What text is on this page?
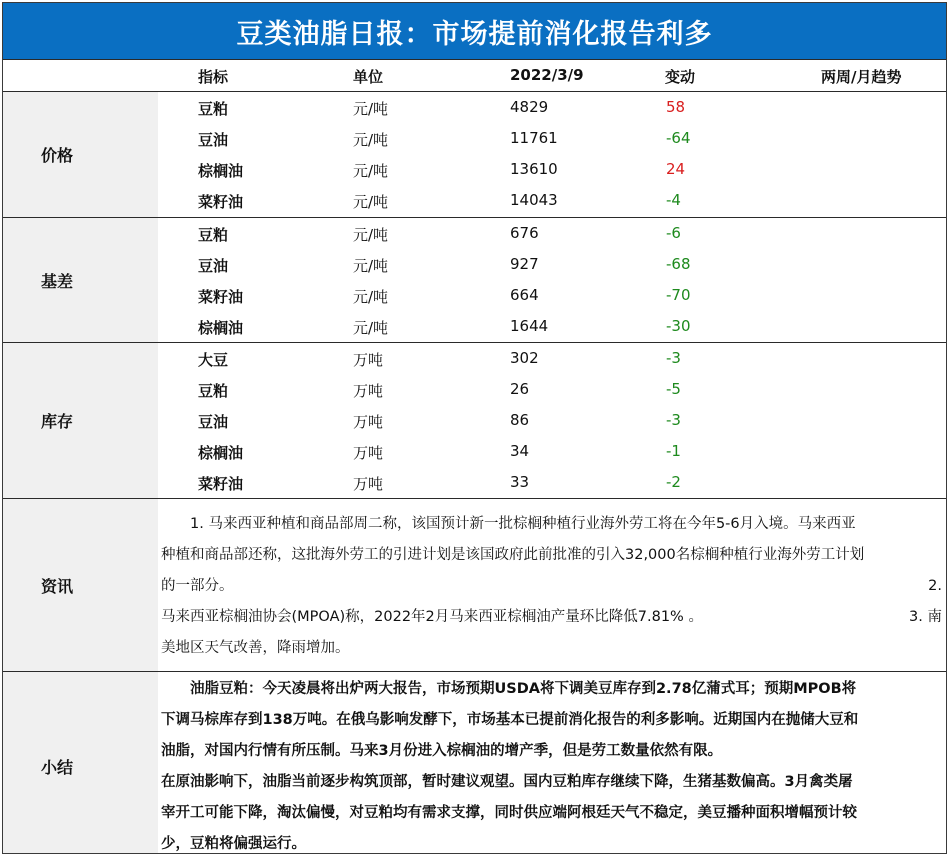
豆类油脂日报：市场提前消化报告利多
指标	单位	2022/3/9	变动	两周/月趋势
价格
豆粕	元/吨	4829	58
豆油	元/吨	11761	-64
棕榈油	元/吨	13610	24
菜籽油	元/吨	14043	-4
基差
豆粕	元/吨	676	-6
豆油	元/吨	927	-68
菜籽油	元/吨	664	-70
棕榈油	元/吨	1644	-30
库存
大豆	万吨	302	-3
豆粕	万吨	26	-5
豆油	万吨	86	-3
棕榈油	万吨	34	-1
菜籽油	万吨	33	-2
资讯

　　1. 马来西亚种植和商品部周二称，该国预计新一批棕榈种植行业海外劳工将在今年5-6月入境。马来西亚

种植和商品部还称，这批海外劳工的引进计划是该国政府此前批准的引入32,000名棕榈种植行业海外劳工计划

的一部分。	2.

马来西亚棕榈油协会(MPOA)称，2022年2月马来西亚棕榈油产量环比降低7.81% 。	3. 南

美地区天气改善，降雨增加。

小结

　　油脂豆粕：今天凌晨将出炉两大报告，市场预期USDA将下调美豆库存到2.78亿蒲式耳；预期MPOB将

下调马棕库存到138万吨。在俄乌影响发酵下，市场基本已提前消化报告的利多影响。近期国内在抛储大豆和

油脂，对国内行情有所压制。马来3月份进入棕榈油的增产季，但是劳工数量依然有限。

在原油影响下，油脂当前逐步构筑顶部，暂时建议观望。国内豆粕库存继续下降，生猪基数偏高。3月禽类屠

宰开工可能下降，淘汰偏慢，对豆粕均有需求支撑，同时供应端阿根廷天气不稳定，美豆播种面积增幅预计较

少，豆粕将偏强运行。
